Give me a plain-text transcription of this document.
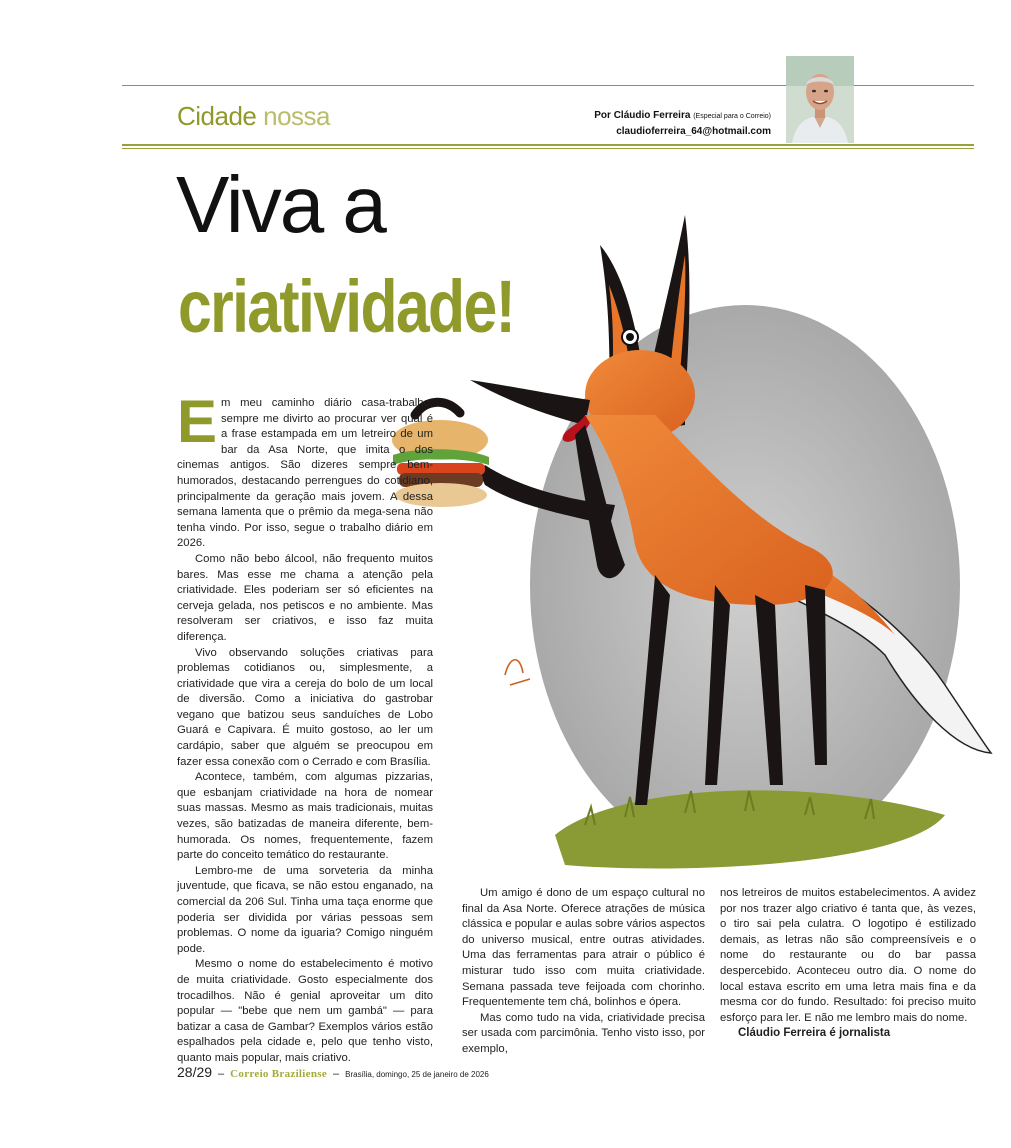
Cidade nossa	Por Cláudio Ferreira (Especial para o Correio)
claudioferreira_64@hotmail.com
Viva a
criatividade!

Em meu caminho diário casa-trabalho, sempre me divirto ao procurar ver qual é a frase estampada em um letreiro de um bar da Asa Norte, que imita o dos cinemas antigos. São dizeres sempre bem-humorados, destacando perrengues do cotidiano, principalmente da geração mais jovem. A dessa semana lamenta que o prêmio da mega-sena não tenha vindo. Por isso, segue o trabalho diário em 2026.

Como não bebo álcool, não frequento muitos bares. Mas esse me chama a atenção pela criatividade. Eles poderiam ser só eficientes na cerveja gelada, nos petiscos e no ambiente. Mas resolveram ser criativos, e isso faz muita diferença.

Vivo observando soluções criativas para problemas cotidianos ou, simplesmente, a criatividade que vira a cereja do bolo de um local de diversão. Como a iniciativa do gastrobar vegano que batizou seus sanduíches de Lobo Guará e Capivara. É muito gostoso, ao ler um cardápio, saber que alguém se preocupou em fazer essa conexão com o Cerrado e com Brasília.

Acontece, também, com algumas pizzarias, que esbanjam criatividade na hora de nomear suas massas. Mesmo as mais tradicionais, muitas vezes, são batizadas de maneira diferente, bem-humorada. Os nomes, frequentemente, fazem parte do conceito temático do restaurante.

Lembro-me de uma sorveteria da minha juventude, que ficava, se não estou enganado, na comercial da 206 Sul. Tinha uma taça enorme que poderia ser dividida por várias pessoas sem problemas. O nome da iguaria? Comigo ninguém pode.

Mesmo o nome do estabelecimento é motivo de muita criatividade. Gosto especialmente dos trocadilhos. Não é genial aproveitar um dito popular — "bebe que nem um gambá" — para batizar a casa de Gambar? Exemplos vários estão espalhados pela cidade e, pelo que tenho visto, quanto mais popular, mais criativo.

Um amigo é dono de um espaço cultural no final da Asa Norte. Oferece atrações de música clássica e popular e aulas sobre vários aspectos do universo musical, entre outras atividades. Uma das ferramentas para atrair o público é misturar tudo isso com muita criatividade. Semana passada teve feijoada com chorinho. Frequentemente tem chá, bolinhos e ópera.

Mas como tudo na vida, criatividade precisa ser usada com parcimônia. Tenho visto isso, por exemplo,

nos letreiros de muitos estabelecimentos. A avidez por nos trazer algo criativo é tanta que, às vezes, o tiro sai pela culatra. O logotipo é estilizado demais, as letras não são compreensíveis e o nome do restaurante ou do bar passa despercebido. Aconteceu outro dia. O nome do local estava escrito em uma letra mais fina e da mesma cor do fundo. Resultado: foi preciso muito esforço para ler. E não me lembro mais do nome.

Cláudio Ferreira é jornalista

28/29 – Correio Braziliense – Brasília, domingo, 25 de janeiro de 2026
